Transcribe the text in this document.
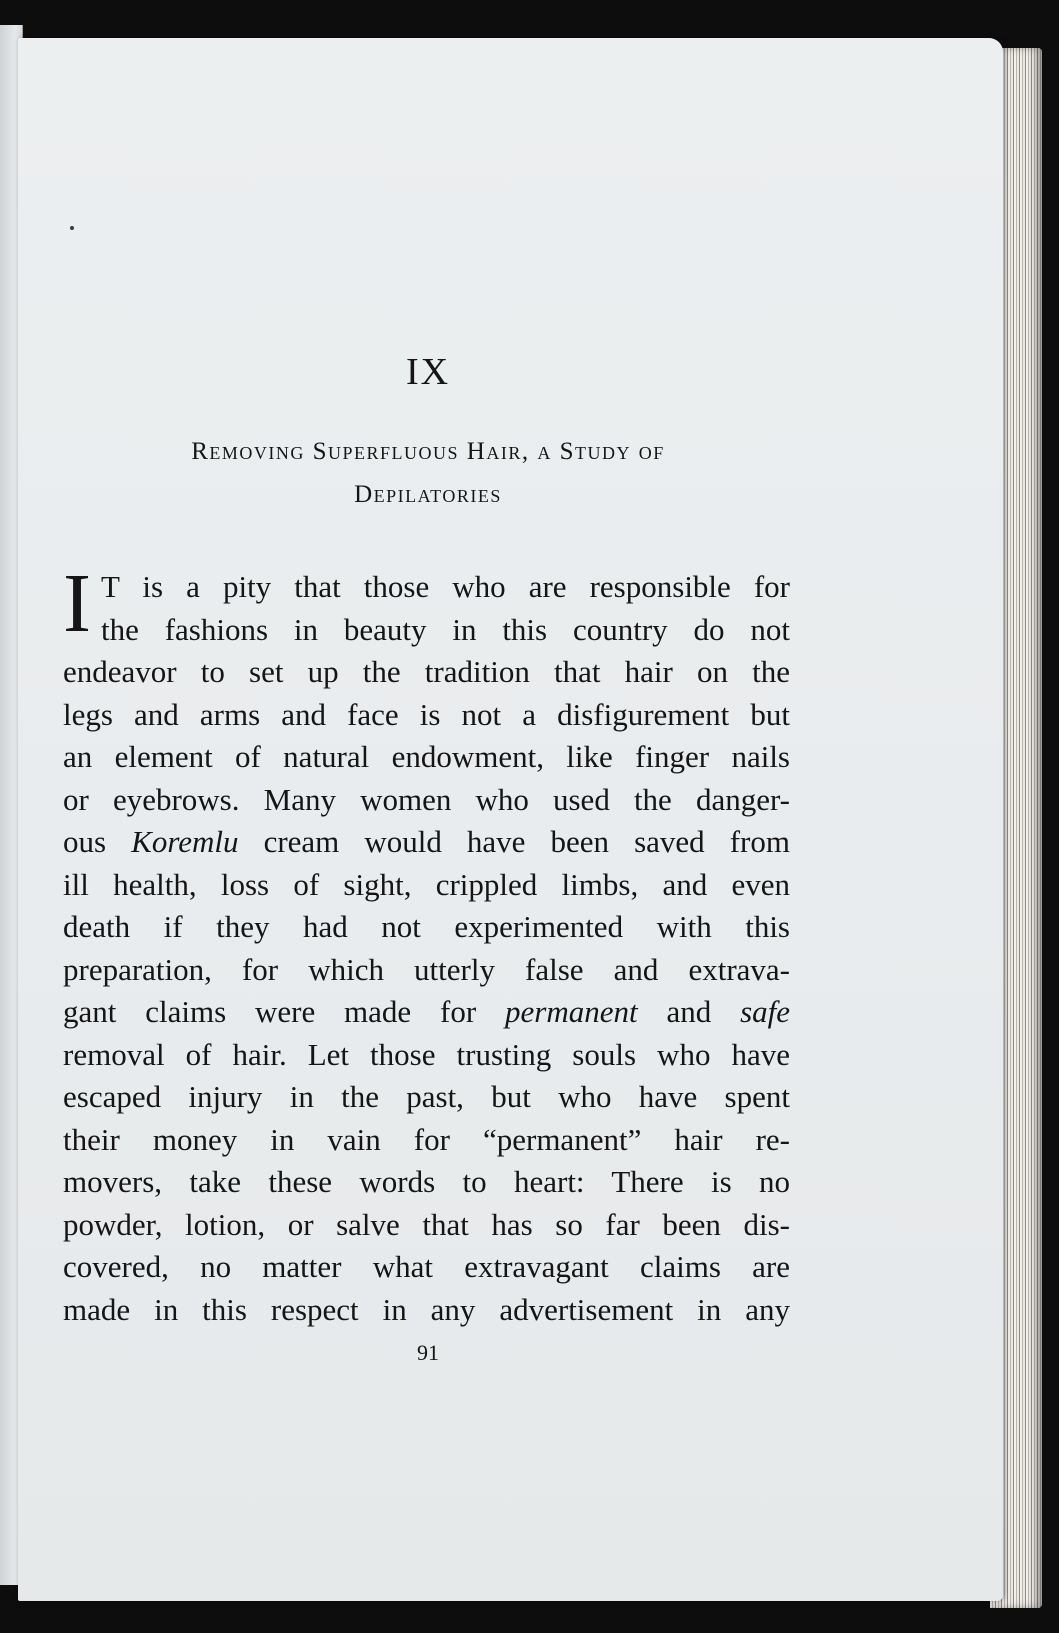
IX
Removing Superfluous Hair, a Study of
Depilatories
I T is a pity that those who are responsible for
the fashions in beauty in this country do not
endeavor to set up the tradition that hair on the
legs and arms and face is not a disfigurement but
an element of natural endowment, like finger nails
or eyebrows. Many women who used the danger-
ous Koremlu cream would have been saved from
ill health, loss of sight, crippled limbs, and even
death if they had not experimented with this
preparation, for which utterly false and extrava-
gant claims were made for permanent and safe
removal of hair. Let those trusting souls who have
escaped injury in the past, but who have spent
their money in vain for “permanent” hair re-
movers, take these words to heart: There is no
powder, lotion, or salve that has so far been dis-
covered, no matter what extravagant claims are
made in this respect in any advertisement in any
91
